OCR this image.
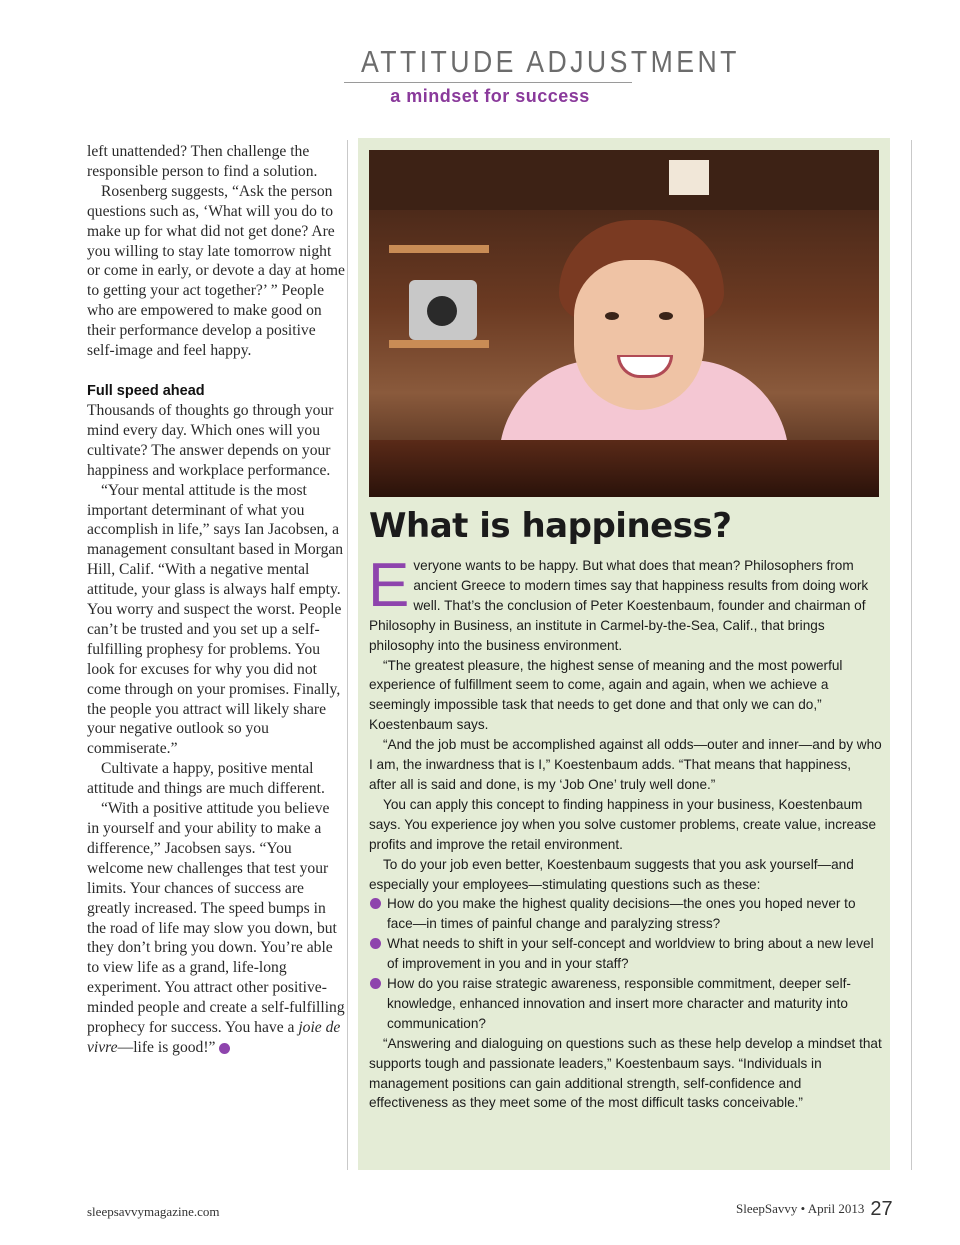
ATTITUDE ADJUSTMENT
a mindset for success

left unattended? Then challenge the responsible person to find a solution.

Rosenberg suggests, “Ask the person questions such as, ‘What will you do to make up for what did not get done? Are you willing to stay late tomorrow night or come in early, or devote a day at home to getting your act together?’ ” People who are empowered to make good on their performance develop a positive self-image and feel happy.

Full speed ahead

Thousands of thoughts go through your mind every day. Which ones will you cultivate? The answer depends on your happiness and workplace performance.

“Your mental attitude is the most important determinant of what you accomplish in life,” says Ian Jacobsen, a management consultant based in Morgan Hill, Calif. “With a negative mental attitude, your glass is always half empty. You worry and suspect the worst. People can’t be trusted and you set up a self-fulfilling prophesy for problems. You look for excuses for why you did not come through on your promises. Finally, the people you attract will likely share your negative outlook so you commiserate.”

Cultivate a happy, positive mental attitude and things are much different.

“With a positive attitude you believe in yourself and your ability to make a difference,” Jacobsen says. “You welcome new challenges that test your limits. Your chances of success are greatly increased. The speed bumps in the road of life may slow you down, but they don’t bring you down. You’re able to view life as a grand, life-long experiment. You attract other positive-minded people and create a self-fulfilling prophecy for success. You have a joie de vivre—life is good!”

What is happiness?

Everyone wants to be happy. But what does that mean? Philosophers from ancient Greece to modern times say that happiness results from doing work well. That’s the conclusion of Peter Koestenbaum, founder and chairman of Philosophy in Business, an institute in Carmel-by-the-Sea, Calif., that brings philosophy into the business environment.

“The greatest pleasure, the highest sense of meaning and the most powerful experience of fulfillment seem to come, again and again, when we achieve a seemingly impossible task that needs to get done and that only we can do,” Koestenbaum says.

“And the job must be accomplished against all odds—outer and inner—and by who I am, the inwardness that is I,” Koestenbaum adds. “That means that happiness, after all is said and done, is my ‘Job One’ truly well done.”

You can apply this concept to finding happiness in your business, Koestenbaum says. You experience joy when you solve customer problems, create value, increase profits and improve the retail environment.

To do your job even better, Koestenbaum suggests that you ask yourself—and especially your employees—stimulating questions such as these:

How do you make the highest quality decisions—the ones you hoped never to face—in times of painful change and paralyzing stress?
What needs to shift in your self-concept and worldview to bring about a new level of improvement in you and in your staff?
How do you raise strategic awareness, responsible commitment, deeper self-knowledge, enhanced innovation and insert more character and maturity into communication?

“Answering and dialoguing on questions such as these help develop a mindset that supports tough and passionate leaders,” Koestenbaum says. “Individuals in management positions can gain additional strength, self-confidence and effectiveness as they meet some of the most difficult tasks conceivable.”

sleepsavvymagazine.com	SleepSavvy • April 2013 27
